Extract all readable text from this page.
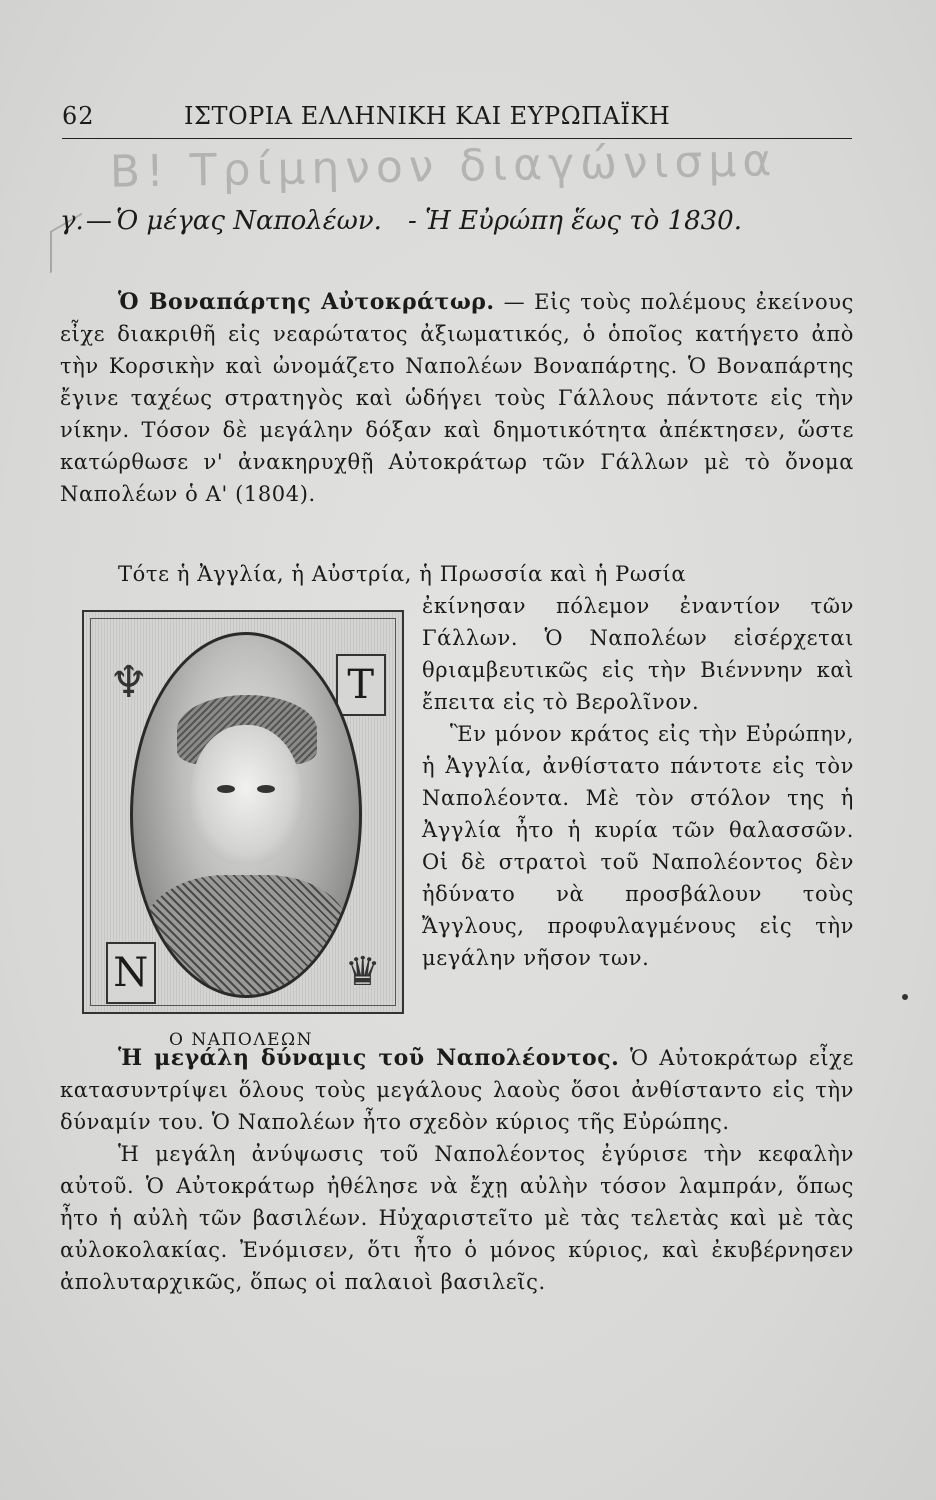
62	ΙΣΤΟΡΙΑ ΕΛΛΗΝΙΚΗ ΚΑΙ ΕΥΡΩΠΑΪΚΗ
Β! Τρίμηνον διαγώνισμα
γ.— Ὁ μέγας Ναπολέων. - Ἡ Εὐρώπη ἕως τὸ 1830.

Ὁ Βοναπάρτης Αὐτοκράτωρ. — Εἰς τοὺς πολέμους ἐκείνους εἶχε διακριθῆ εἰς νεαρώτατος ἀξιωματικός, ὁ ὁποῖος κατήγετο ἀπὸ τὴν Κορσικὴν καὶ ὠνομάζετο Ναπολέων Βοναπάρτης. Ὁ Βοναπάρτης ἔγινε ταχέως στρατηγὸς καὶ ὡδήγει τοὺς Γάλλους πάντοτε εἰς τὴν νίκην. Τόσον δὲ μεγάλην δόξαν καὶ δημοτικότητα ἀπέκτησεν, ὥστε κατώρθωσε ν' ἀνακηρυχθῇ Αὐτοκράτωρ τῶν Γάλλων μὲ τὸ ὄνομα Ναπολέων ὁ Α' (1804).

Τότε ἡ Ἀγγλία, ἡ Αὐστρία, ἡ Πρωσσία καὶ ἡ Ρωσία

♆	Τ
N	♛
Ο ΝΑΠΟΛΕΩΝ

ἐκίνησαν πόλεμον ἐναντίον τῶν Γάλλων. Ὁ Ναπολέων εἰσέρχεται θριαμβευτικῶς εἰς τὴν Βιένννην καὶ ἔπειτα εἰς τὸ Βερολῖνον.

Ἓν μόνον κράτος εἰς τὴν Εὐρώπην, ἡ Ἀγγλία, ἀνθίστατο πάντοτε εἰς τὸν Ναπολέοντα. Μὲ τὸν στόλον της ἡ Ἀγγλία ἦτο ἡ κυρία τῶν θαλασσῶν. Οἱ δὲ στρατοὶ τοῦ Ναπολέοντος δὲν ἠδύνατο νὰ προσβάλουν τοὺς Ἄγγλους, προφυλαγμένους εἰς τὴν μεγάλην νῆσον των.

Ἡ μεγάλη δύναμις τοῦ Ναπολέοντος. Ὁ Αὐτοκράτωρ εἶχε κατασυντρίψει ὅλους τοὺς μεγάλους λαοὺς ὅσοι ἀνθίσταντο εἰς τὴν δύναμίν του. Ὁ Ναπολέων ἦτο σχεδὸν κύριος τῆς Εὐρώπης.

Ἡ μεγάλη ἀνύψωσις τοῦ Ναπολέοντος ἐγύρισε τὴν κεφαλὴν αὐτοῦ. Ὁ Αὐτοκράτωρ ἠθέλησε νὰ ἔχῃ αὐλὴν τόσον λαμπράν, ὅπως ἦτο ἡ αὐλὴ τῶν βασιλέων. Ηὐχαριστεῖτο μὲ τὰς τελετὰς καὶ μὲ τὰς αὐλοκολακίας. Ἐνόμισεν, ὅτι ἦτο ὁ μόνος κύριος, καὶ ἐκυβέρνησεν ἀπολυταρχικῶς, ὅπως οἱ παλαιοὶ βασιλεῖς.
